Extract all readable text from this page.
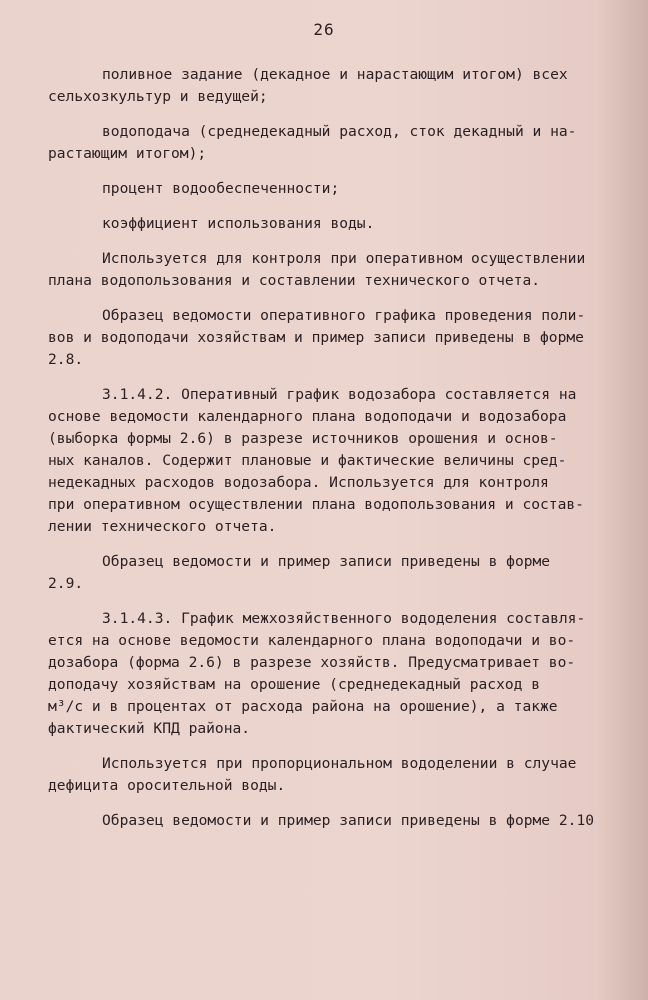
26
поливное задание (декадное и нарастающим итогом) всех
сельхозкультур и ведущей;
водоподача (среднедекадный расход, сток декадный и на-
растающим итогом);
процент водообеспеченности;
коэффициент использования воды.
Используется для контроля при оперативном осуществлении
плана водопользования и составлении технического отчета.
Образец ведомости оперативного графика проведения поли-
вов и водоподачи хозяйствам и пример записи приведены в форме
2.8.
3.1.4.2. Оперативный график водозабора составляется на
основе ведомости календарного плана водоподачи и водозабора
(выборка формы 2.6) в разрезе источников орошения и основ-
ных каналов. Содержит плановые и фактические величины сред-
недекадных расходов водозабора. Используется для контроля
при оперативном осуществлении плана водопользования и состав-
лении технического отчета.
Образец ведомости и пример записи приведены в форме
2.9.
3.1.4.3. График межхозяйственного вододеления составля-
ется на основе ведомости календарного плана водоподачи и во-
дозабора (форма 2.6) в разрезе хозяйств. Предусматривает во-
доподачу хозяйствам на орошение (среднедекадный расход в
м³/с и в процентах от расхода района на орошение), а также
фактический КПД района.
Используется при пропорциональном вододелении в случае
дефицита оросительной воды.
Образец ведомости и пример записи приведены в форме 2.10
